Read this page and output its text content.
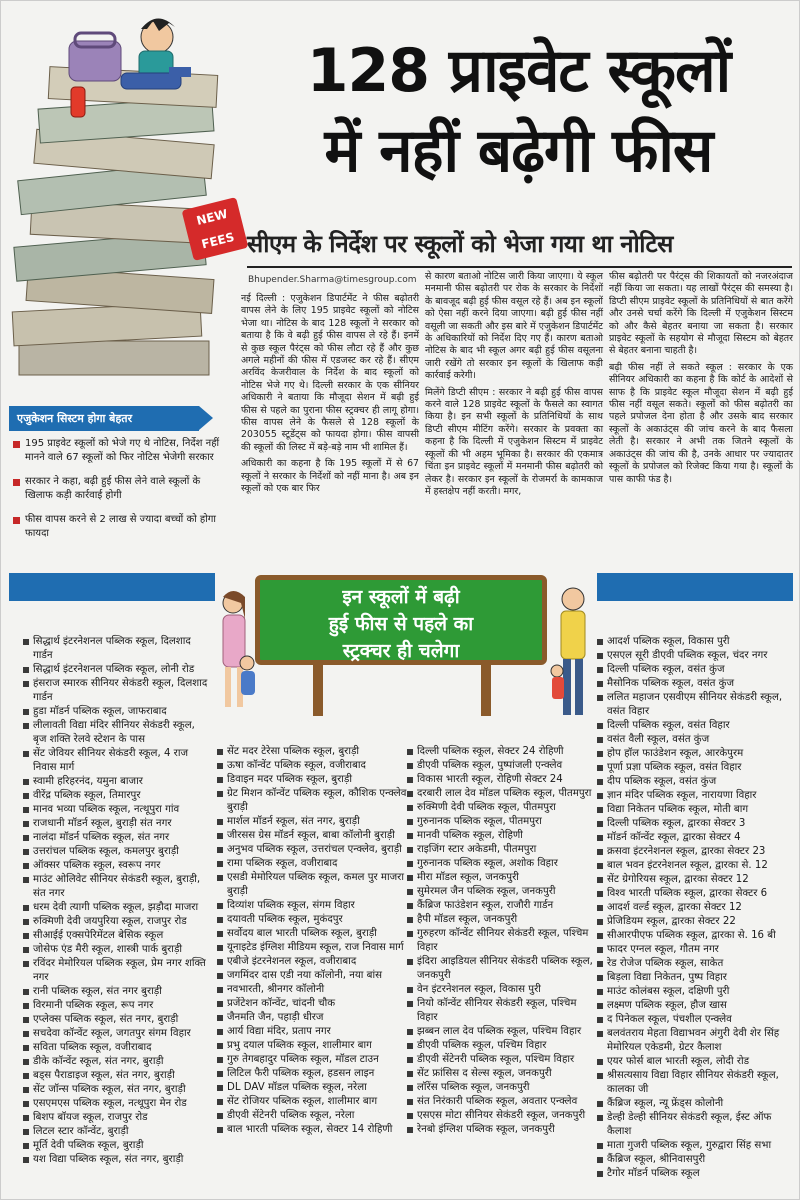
NEW
FEES
128 प्राइवेट स्कूलों
में नहीं बढ़ेगी फीस
सीएम के निर्देश पर स्कूलों को भेजा गया था नोटिस
Bhupender.Sharma@timesgroup.com
एजुकेशन सिस्टम होगा बेहतर
195 प्राइवेट स्कूलों को भेजे गए थे नोटिस, निर्देश नहीं मानने वाले 67 स्कूलों को फिर नोटिस भेजेगी सरकार
सरकार ने कहा, बढ़ी हुई फीस लेने वाले स्कूलों के खिलाफ कड़ी कार्रवाई होगी
फीस वापस करने से 2 लाख से ज्यादा बच्चों को होगा फायदा

नई दिल्ली : एजुकेशन डिपार्टमेंट ने फीस बढ़ोतरी वापस लेने के लिए 195 प्राइवेट स्कूलों को नोटिस भेजा था। नोटिस के बाद 128 स्कूलों ने सरकार को बताया है कि वे बढ़ी हुई फीस वापस ले रहे हैं। इनमें से कुछ स्कूल पैरंट्स को फीस लौटा रहे हैं और कुछ अगले महीनों की फीस में एडजस्ट कर रहे हैं। सीएम अरविंद केजरीवाल के निर्देश के बाद स्कूलों को नोटिस भेजे गए थे। दिल्ली सरकार के एक सीनियर अधिकारी ने बताया कि मौजूदा सेशन में बढ़ी हुई फीस से पहले का पुराना फीस स्ट्रक्चर ही लागू होगा। फीस वापस लेने के फैसले से 128 स्कूलों के 203055 स्टूडेंट्स को फायदा होगा। फीस वापसी की स्कूलों की लिस्ट में बड़े-बड़े नाम भी शामिल हैं।

अधिकारी का कहना है कि 195 स्कूलों में से 67 स्कूलों ने सरकार के निर्देशों को नहीं माना है। अब इन स्कूलों को एक बार फिर

से कारण बताओ नोटिस जारी किया जाएगा। ये स्कूल मनमानी फीस बढ़ोतरी पर रोक के सरकार के निर्देशों के बावजूद बढ़ी हुई फीस वसूल रहे हैं। अब इन स्कूलों को ऐसा नहीं करने दिया जाएगा। बढ़ी हुई फीस नहीं वसूली जा सकती और इस बारे में एजुकेशन डिपार्टमेंट के अधिकारियों को निर्देश दिए गए हैं। कारण बताओ नोटिस के बाद भी स्कूल अगर बढ़ी हुई फीस वसूलना जारी रखेंगे तो सरकार इन स्कूलों के खिलाफ कड़ी कार्रवाई करेगी।

मिलेंगे डिप्टी सीएम : सरकार ने बढ़ी हुई फीस वापस करने वाले 128 प्राइवेट स्कूलों के फैसले का स्वागत किया है। इन सभी स्कूलों के प्रतिनिधियों के साथ डिप्टी सीएम मीटिंग करेंगे। सरकार के प्रवक्ता का कहना है कि दिल्ली में एजुकेशन सिस्टम में प्राइवेट स्कूलों की भी अहम भूमिका है। सरकार की एकमात्र चिंता इन प्राइवेट स्कूलों में मनमानी फीस बढ़ोतरी को लेकर है। सरकार इन स्कूलों के रोजमर्रा के कामकाज में हस्तक्षेप नहीं करती। मगर,

फीस बढ़ोतरी पर पैरंट्स की शिकायतों को नजरअंदाज नहीं किया जा सकता। यह लाखों पैरंट्स की समस्या है। डिप्टी सीएम प्राइवेट स्कूलों के प्रतिनिधियों से बात करेंगे और उनसे चर्चा करेंगे कि दिल्ली में एजुकेशन सिस्टम को और कैसे बेहतर बनाया जा सकता है। सरकार प्राइवेट स्कूलों के सहयोग से मौजूदा सिस्टम को बेहतर से बेहतर बनाना चाहती है।

बढ़ी फीस नहीं ले सकते स्कूल : सरकार के एक सीनियर अधिकारी का कहना है कि कोर्ट के आदेशों से साफ है कि प्राइवेट स्कूल मौजूदा सेशन में बढ़ी हुई फीस नहीं वसूल सकते। स्कूलों को फीस बढ़ोतरी का पहले प्रपोजल देना होता है और उसके बाद सरकार स्कूलों के अकाउंट्स की जांच करने के बाद फैसला लेती है। सरकार ने अभी तक जितने स्कूलों के अकाउंट्स की जांच की है, उनके आधार पर ज्यादातर स्कूलों के प्रपोजल को रिजेक्ट किया गया है। स्कूलों के पास काफी फंड है।

इन स्कूलों में बढ़ी
हुई फीस से पहले का
स्ट्रक्चर ही चलेगा
सिद्धार्थ इंटरनेशनल पब्लिक स्कूल, दिलशाद गार्डन
सिद्धार्थ इंटरनेशनल पब्लिक स्कूल, लोनी रोड
हंसराज स्मारक सीनियर सेकंडरी स्कूल, दिलशाद गार्डन
हुडा मॉडर्न पब्लिक स्कूल, जाफराबाद
लीलावती विद्या मंदिर सीनियर सेकंडरी स्कूल, बृज शक्ति रेलवे स्टेशन के पास
सेंट जेवियर सीनियर सेकंडरी स्कूल, 4 राज निवास मार्ग
स्वामी हरिहरनंद, यमुना बाजार
वीरेंद्र पब्लिक स्कूल, तिमारपुर
मानव भव्या पब्लिक स्कूल, नत्थूपुरा गांव
राजधानी मॉडर्न स्कूल, बुराड़ी संत नगर
नालंदा मॉडर्न पब्लिक स्कूल, संत नगर
उत्तरांचल पब्लिक स्कूल, कमलपुर बुराड़ी
ऑक्सर पब्लिक स्कूल, स्वरूप नगर
माउंट ओलिवेट सीनियर सेकंडरी स्कूल, बुराड़ी, संत नगर
धरम देवी त्यागी पब्लिक स्कूल, झड़ौदा माजरा
रुक्मिणी देवी जयपुरिया स्कूल, राजपुर रोड
सीआईई एक्सपेरिमेंटल बेसिक स्कूल
जोसेफ एंड मैरी स्कूल, शास्त्री पार्क बुराड़ी
रविंदर मेमोरियल पब्लिक स्कूल, प्रेम नगर शक्ति नगर
रानी पब्लिक स्कूल, संत नगर बुराड़ी
विरमानी पब्लिक स्कूल, रूप नगर
एप्लेक्स पब्लिक स्कूल, संत नगर, बुराड़ी
सचदेवा कॉन्वेंट स्कूल, जगतपुर संगम विहार
सविता पब्लिक स्कूल, वजीराबाद
डीके कॉन्वेंट स्कूल, संत नगर, बुराड़ी
बड्स पैराडाइज स्कूल, संत नगर, बुराड़ी
सेंट जॉन्स पब्लिक स्कूल, संत नगर, बुराड़ी
एसएमएस पब्लिक स्कूल, नत्थूपुरा मेन रोड
बिशप बॉयज स्कूल, राजपुर रोड
लिटल स्टार कॉन्वेंट, बुराड़ी
मूर्ति देवी पब्लिक स्कूल, बुराड़ी
यश विद्या पब्लिक स्कूल, संत नगर, बुराड़ी
सेंट मदर टेरेसा पब्लिक स्कूल, बुराड़ी
ऊषा कॉन्वेंट पब्लिक स्कूल, वजीराबाद
डिवाइन मदर पब्लिक स्कूल, बुराड़ी
ग्रेट मिशन कॉन्वेंट पब्लिक स्कूल, कौशिक एन्क्लेव बुराड़ी
मार्शल मॉडर्न स्कूल, संत नगर, बुराड़ी
जीरसस ग्रेस मॉडर्न स्कूल, बाबा कॉलोनी बुराड़ी
अनुभव पब्लिक स्कूल, उत्तरांचल एन्क्लेव, बुराड़ी
रामा पब्लिक स्कूल, वजीराबाद
एसडी मेमोरियल पब्लिक स्कूल, कमल पुर माजरा बुराड़ी
दिव्यांश पब्लिक स्कूल, संगम विहार
दयावती पब्लिक स्कूल, मुकंदपुर
सर्वोदय बाल भारती पब्लिक स्कूल, बुराड़ी
यूनाइटेड इंग्लिश मीडियम स्कूल, राज निवास मार्ग
एबीजे इंटरनेशनल स्कूल, वजीराबाद
जगमिंदर दास एडी नया कॉलोनी, नया बांस
नवभारती, श्रीनगर कॉलोनी
प्रजेंटेशन कॉन्वेंट, चांदनी चौक
जैनमति जैन, पहाड़ी धीरज
आर्य विद्या मंदिर, प्रताप नगर
प्रभु दयाल पब्लिक स्कूल, शालीमार बाग
गुरु तेगबहादुर पब्लिक स्कूल, मॉडल टाउन
लिटिल फैरी पब्लिक स्कूल, हडसन लाइन
DL DAV मॉडल पब्लिक स्कूल, नरेला
सेंट रोजियर पब्लिक स्कूल, शालीमार बाग
डीएवी सेंटेनरी पब्लिक स्कूल, नरेला
बाल भारती पब्लिक स्कूल, सेक्टर 14 रोहिणी
दिल्ली पब्लिक स्कूल, सेक्टर 24 रोहिणी
डीएवी पब्लिक स्कूल, पुष्पांजली एन्क्लेव
विकास भारती स्कूल, रोहिणी सेक्टर 24
दरबारी लाल देव मॉडल पब्लिक स्कूल, पीतमपुरा
रुक्मिणी देवी पब्लिक स्कूल, पीतमपुरा
गुरुनानक पब्लिक स्कूल, पीतमपुरा
मानवी पब्लिक स्कूल, रोहिणी
राइजिंग स्टार अकेडमी, पीतमपुरा
गुरुनानक पब्लिक स्कूल, अशोक विहार
मीरा मॉडल स्कूल, जनकपुरी
सुमेरमल जैन पब्लिक स्कूल, जनकपुरी
कैंब्रिज फाउंडेशन स्कूल, राजौरी गार्डन
हैपी मॉडल स्कूल, जनकपुरी
गुरुहरण कॉन्वेंट सीनियर सेकंडरी स्कूल, पश्चिम विहार
इंदिरा आइडियल सीनियर सेकंडरी पब्लिक स्कूल, जनकपुरी
वेन इंटरनेशनल स्कूल, विकास पुरी
नियो कॉन्वेंट सीनियर सेकंडरी स्कूल, पश्चिम विहार
झब्बन लाल देव पब्लिक स्कूल, पश्चिम विहार
डीएवी पब्लिक स्कूल, पश्चिम विहार
डीएवी सेंटेनरी पब्लिक स्कूल, पश्चिम विहार
सेंट फ्रांसिस द सेल्स स्कूल, जनकपुरी
लॉरेंस पब्लिक स्कूल, जनकपुरी
संत निरंकारी पब्लिक स्कूल, अवतार एन्क्लेव
एसएस मोटा सीनियर सेकंडरी स्कूल, जनकपुरी
रेनबो इंग्लिश पब्लिक स्कूल, जनकपुरी
आदर्श पब्लिक स्कूल, विकास पुरी
एसएल सूरी डीएवी पब्लिक स्कूल, चंदर नगर
दिल्ली पब्लिक स्कूल, वसंत कुंज
मैसोनिक पब्लिक स्कूल, वसंत कुंज
ललित महाजन एसवीएम सीनियर सेकंडरी स्कूल, वसंत विहार
दिल्ली पब्लिक स्कूल, वसंत विहार
वसंत वैली स्कूल, वसंत कुंज
होप हॉल फाउंडेशन स्कूल, आरकेपुरम
पूर्णा प्रज्ञा पब्लिक स्कूल, वसंत विहार
दीप पब्लिक स्कूल, वसंत कुंज
ज्ञान मंदिर पब्लिक स्कूल, नारायणा विहार
विद्या निकेतन पब्लिक स्कूल, मोती बाग
दिल्ली पब्लिक स्कूल, द्वारका सेक्टर 3
मॉडर्न कॉन्वेंट स्कूल, द्वारका सेक्टर 4
क्रसवा इंटरनेशनल स्कूल, द्वारका सेक्टर 23
बाल भवन इंटरनेशनल स्कूल, द्वारका से. 12
सेंट ग्रेगोरियस स्कूल, द्वारका सेक्टर 12
विश्व भारती पब्लिक स्कूल, द्वारका सेक्टर 6
आदर्श वर्ल्ड स्कूल, द्वारका सेक्टर 12
प्रेजिडियम स्कूल, द्वारका सेक्टर 22
सीआरपीएफ पब्लिक स्कूल, द्वारका से. 16 बी
फादर एग्नल स्कूल, गौतम नगर
रेड रोजेज पब्लिक स्कूल, साकेत
बिड़ला विद्या निकेतन, पुष्प विहार
माउंट कोलंबस स्कूल, दक्षिणी पुरी
लक्ष्मण पब्लिक स्कूल, हौज खास
द पिनेकल स्कूल, पंचशील एन्क्लेव
बलवंतराय मेहता विद्याभवन अंगुरी देवी शेर सिंह मेमोरियल एकेडमी, ग्रेटर कैलाश
एयर फोर्स बाल भारती स्कूल, लोदी रोड
श्रीसत्यसाय विद्या विहार सीनियर सेकंडरी स्कूल, कालका जी
कैंब्रिज स्कूल, न्यू फ्रेंड्स कोलोनी
डेल्ही डेल्ही सीनियर सेकंडरी स्कूल, ईस्ट ऑफ कैलाश
माता गुजरी पब्लिक स्कूल, गुरुद्वारा सिंह सभा
कैंब्रिज स्कूल, श्रीनिवासपुरी
टैगोर मॉडर्न पब्लिक स्कूल
